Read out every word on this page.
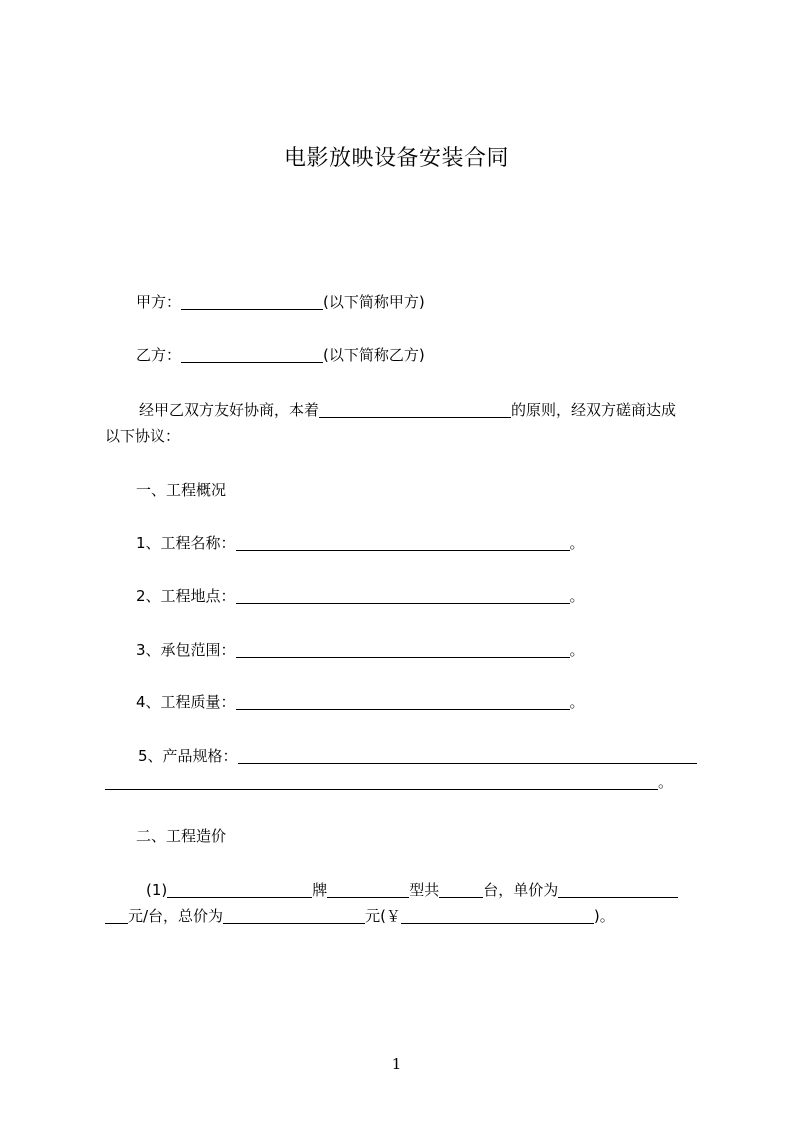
电影放映设备安装合同
甲方：	(以下简称甲方)
乙方：	(以下简称乙方)
经甲乙双方友好协商，本着	的原则，经双方磋商达成
以下协议：
一、工程概况
1、工程名称：	。
2、工程地点：	。
3、承包范围：	。
4、工程质量：	。
5、产品规格：
。
二、工程造价
(1)	牌	型共	台，单价为
元/台，总价为	元(￥	)。
1
